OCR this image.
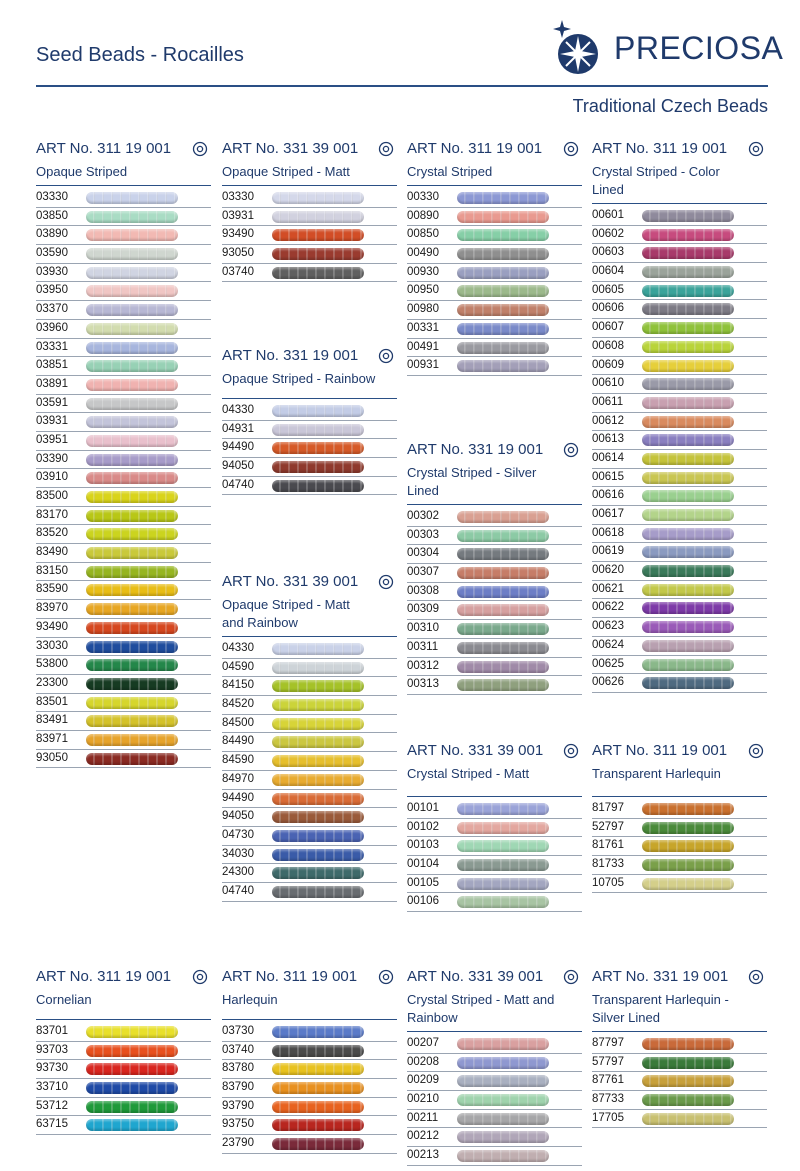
Seed Beads - Rocailles	PRECIOSA
Traditional Czech Beads
ART No. 311 19 001
Opaque Striped
03330
03850
03890
03590
03930
03950
03370
03960
03331
03851
03891
03591
03931
03951
03390
03910
83500
83170
83520
83490
83150
83590
83970
93490
33030
53800
23300
83501
83491
83971
93050
ART No. 331 39 001
Opaque Striped - Matt
03330
03931
93490
93050
03740
ART No. 331 19 001
Opaque Striped - Rainbow
04330
04931
94490
94050
04740
ART No. 331 39 001
Opaque Striped - Matt and Rainbow
04330
04590
84150
84520
84500
84490
84590
84970
94490
94050
04730
34030
24300
04740
ART No. 311 19 001
Crystal Striped
00330
00890
00850
00490
00930
00950
00980
00331
00491
00931
ART No. 331 19 001
Crystal Striped - Silver Lined
00302
00303
00304
00307
00308
00309
00310
00311
00312
00313
ART No. 331 39 001
Crystal Striped - Matt
00101
00102
00103
00104
00105
00106
ART No. 311 19 001
Crystal Striped - Color Lined
00601
00602
00603
00604
00605
00606
00607
00608
00609
00610
00611
00612
00613
00614
00615
00616
00617
00618
00619
00620
00621
00622
00623
00624
00625
00626
ART No. 311 19 001
Transparent Harlequin
81797
52797
81761
81733
10705
ART No. 311 19 001
Cornelian
83701
93703
93730
33710
53712
63715
ART No. 311 19 001
Harlequin
03730
03740
83780
83790
93790
93750
23790
ART No. 331 39 001
Crystal Striped - Matt and Rainbow
00207
00208
00209
00210
00211
00212
00213
ART No. 331 19 001
Transparent Harlequin - Silver Lined
87797
57797
87761
87733
17705
